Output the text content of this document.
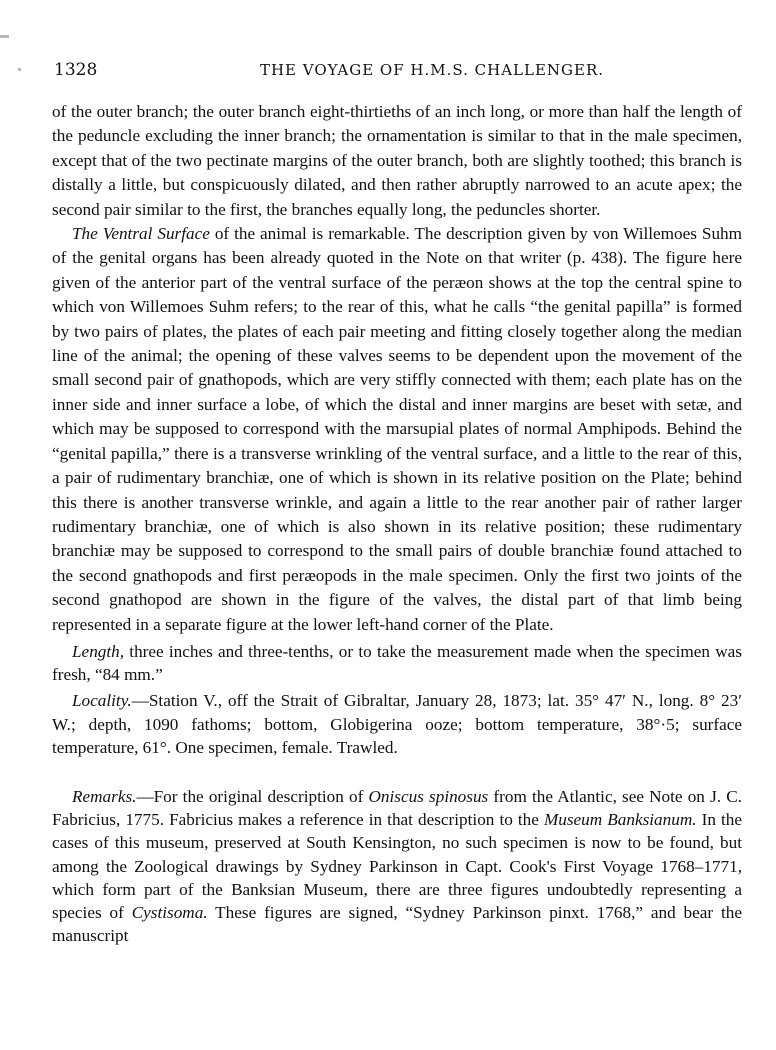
1328	THE VOYAGE OF H.M.S. CHALLENGER.

of the outer branch; the outer branch eight-thirtieths of an inch long, or more than half the length of the peduncle excluding the inner branch; the ornamentation is similar to that in the male specimen, except that of the two pectinate margins of the outer branch, both are slightly toothed; this branch is distally a little, but conspicuously dilated, and then rather abruptly narrowed to an acute apex; the second pair similar to the first, the branches equally long, the peduncles shorter.

The Ventral Surface of the animal is remarkable. The description given by von Willemoes Suhm of the genital organs has been already quoted in the Note on that writer (p. 438). The figure here given of the anterior part of the ventral surface of the peræon shows at the top the central spine to which von Willemoes Suhm refers; to the rear of this, what he calls “the genital papilla” is formed by two pairs of plates, the plates of each pair meeting and fitting closely together along the median line of the animal; the opening of these valves seems to be dependent upon the movement of the small second pair of gnathopods, which are very stiffly connected with them; each plate has on the inner side and inner surface a lobe, of which the distal and inner margins are beset with setæ, and which may be supposed to correspond with the marsupial plates of normal Amphipods. Behind the “genital papilla,” there is a transverse wrinkling of the ventral surface, and a little to the rear of this, a pair of rudimentary branchiæ, one of which is shown in its relative position on the Plate; behind this there is another transverse wrinkle, and again a little to the rear another pair of rather larger rudimentary branchiæ, one of which is also shown in its relative position; these rudimentary branchiæ may be supposed to correspond to the small pairs of double branchiæ found attached to the second gnathopods and first peræopods in the male specimen. Only the first two joints of the second gnathopod are shown in the figure of the valves, the distal part of that limb being represented in a separate figure at the lower left-hand corner of the Plate.

Length, three inches and three-tenths, or to take the measurement made when the specimen was fresh, “84 mm.”

Locality.—Station V., off the Strait of Gibraltar, January 28, 1873; lat. 35° 47′ N., long. 8° 23′ W.; depth, 1090 fathoms; bottom, Globigerina ooze; bottom temperature, 38°·5; surface temperature, 61°. One specimen, female. Trawled.

Remarks.—For the original description of Oniscus spinosus from the Atlantic, see Note on J. C. Fabricius, 1775. Fabricius makes a reference in that description to the Museum Banksianum. In the cases of this museum, preserved at South Kensington, no such specimen is now to be found, but among the Zoological drawings by Sydney Parkinson in Capt. Cook's First Voyage 1768–1771, which form part of the Banksian Museum, there are three figures undoubtedly representing a species of Cystisoma. These figures are signed, “Sydney Parkinson pinxt. 1768,” and bear the manuscript
